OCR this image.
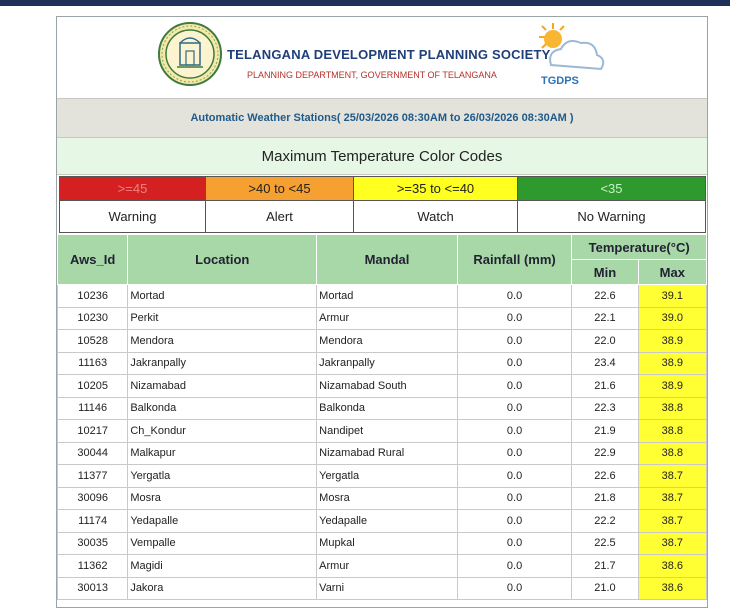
TELANGANA DEVELOPMENT PLANNING SOCIETY
PLANNING DEPARTMENT, GOVERNMENT OF TELANGANA	TGDPS
Automatic Weather Stations( 25/03/2026 08:30AM to 26/03/2026 08:30AM )
Maximum Temperature Color Codes
>=45	>40 to <45	>=35 to <=40	<35
Warning	Alert	Watch	No Warning
Aws_Id	Location	Mandal	Rainfall (mm)	Temperature(°C)	
				Min	Max
10236	Mortad	Mortad	0.0	22.6	39.1
10230	Perkit	Armur	0.0	22.1	39.0
10528	Mendora	Mendora	0.0	22.0	38.9
11163	Jakranpally	Jakranpally	0.0	23.4	38.9
10205	Nizamabad	Nizamabad South	0.0	21.6	38.9
11146	Balkonda	Balkonda	0.0	22.3	38.8
10217	Ch_Kondur	Nandipet	0.0	21.9	38.8
30044	Malkapur	Nizamabad Rural	0.0	22.9	38.8
11377	Yergatla	Yergatla	0.0	22.6	38.7
30096	Mosra	Mosra	0.0	21.8	38.7
11174	Yedapalle	Yedapalle	0.0	22.2	38.7
30035	Vempalle	Mupkal	0.0	22.5	38.7
11362	Magidi	Armur	0.0	21.7	38.6
30013	Jakora	Varni	0.0	21.0	38.6
